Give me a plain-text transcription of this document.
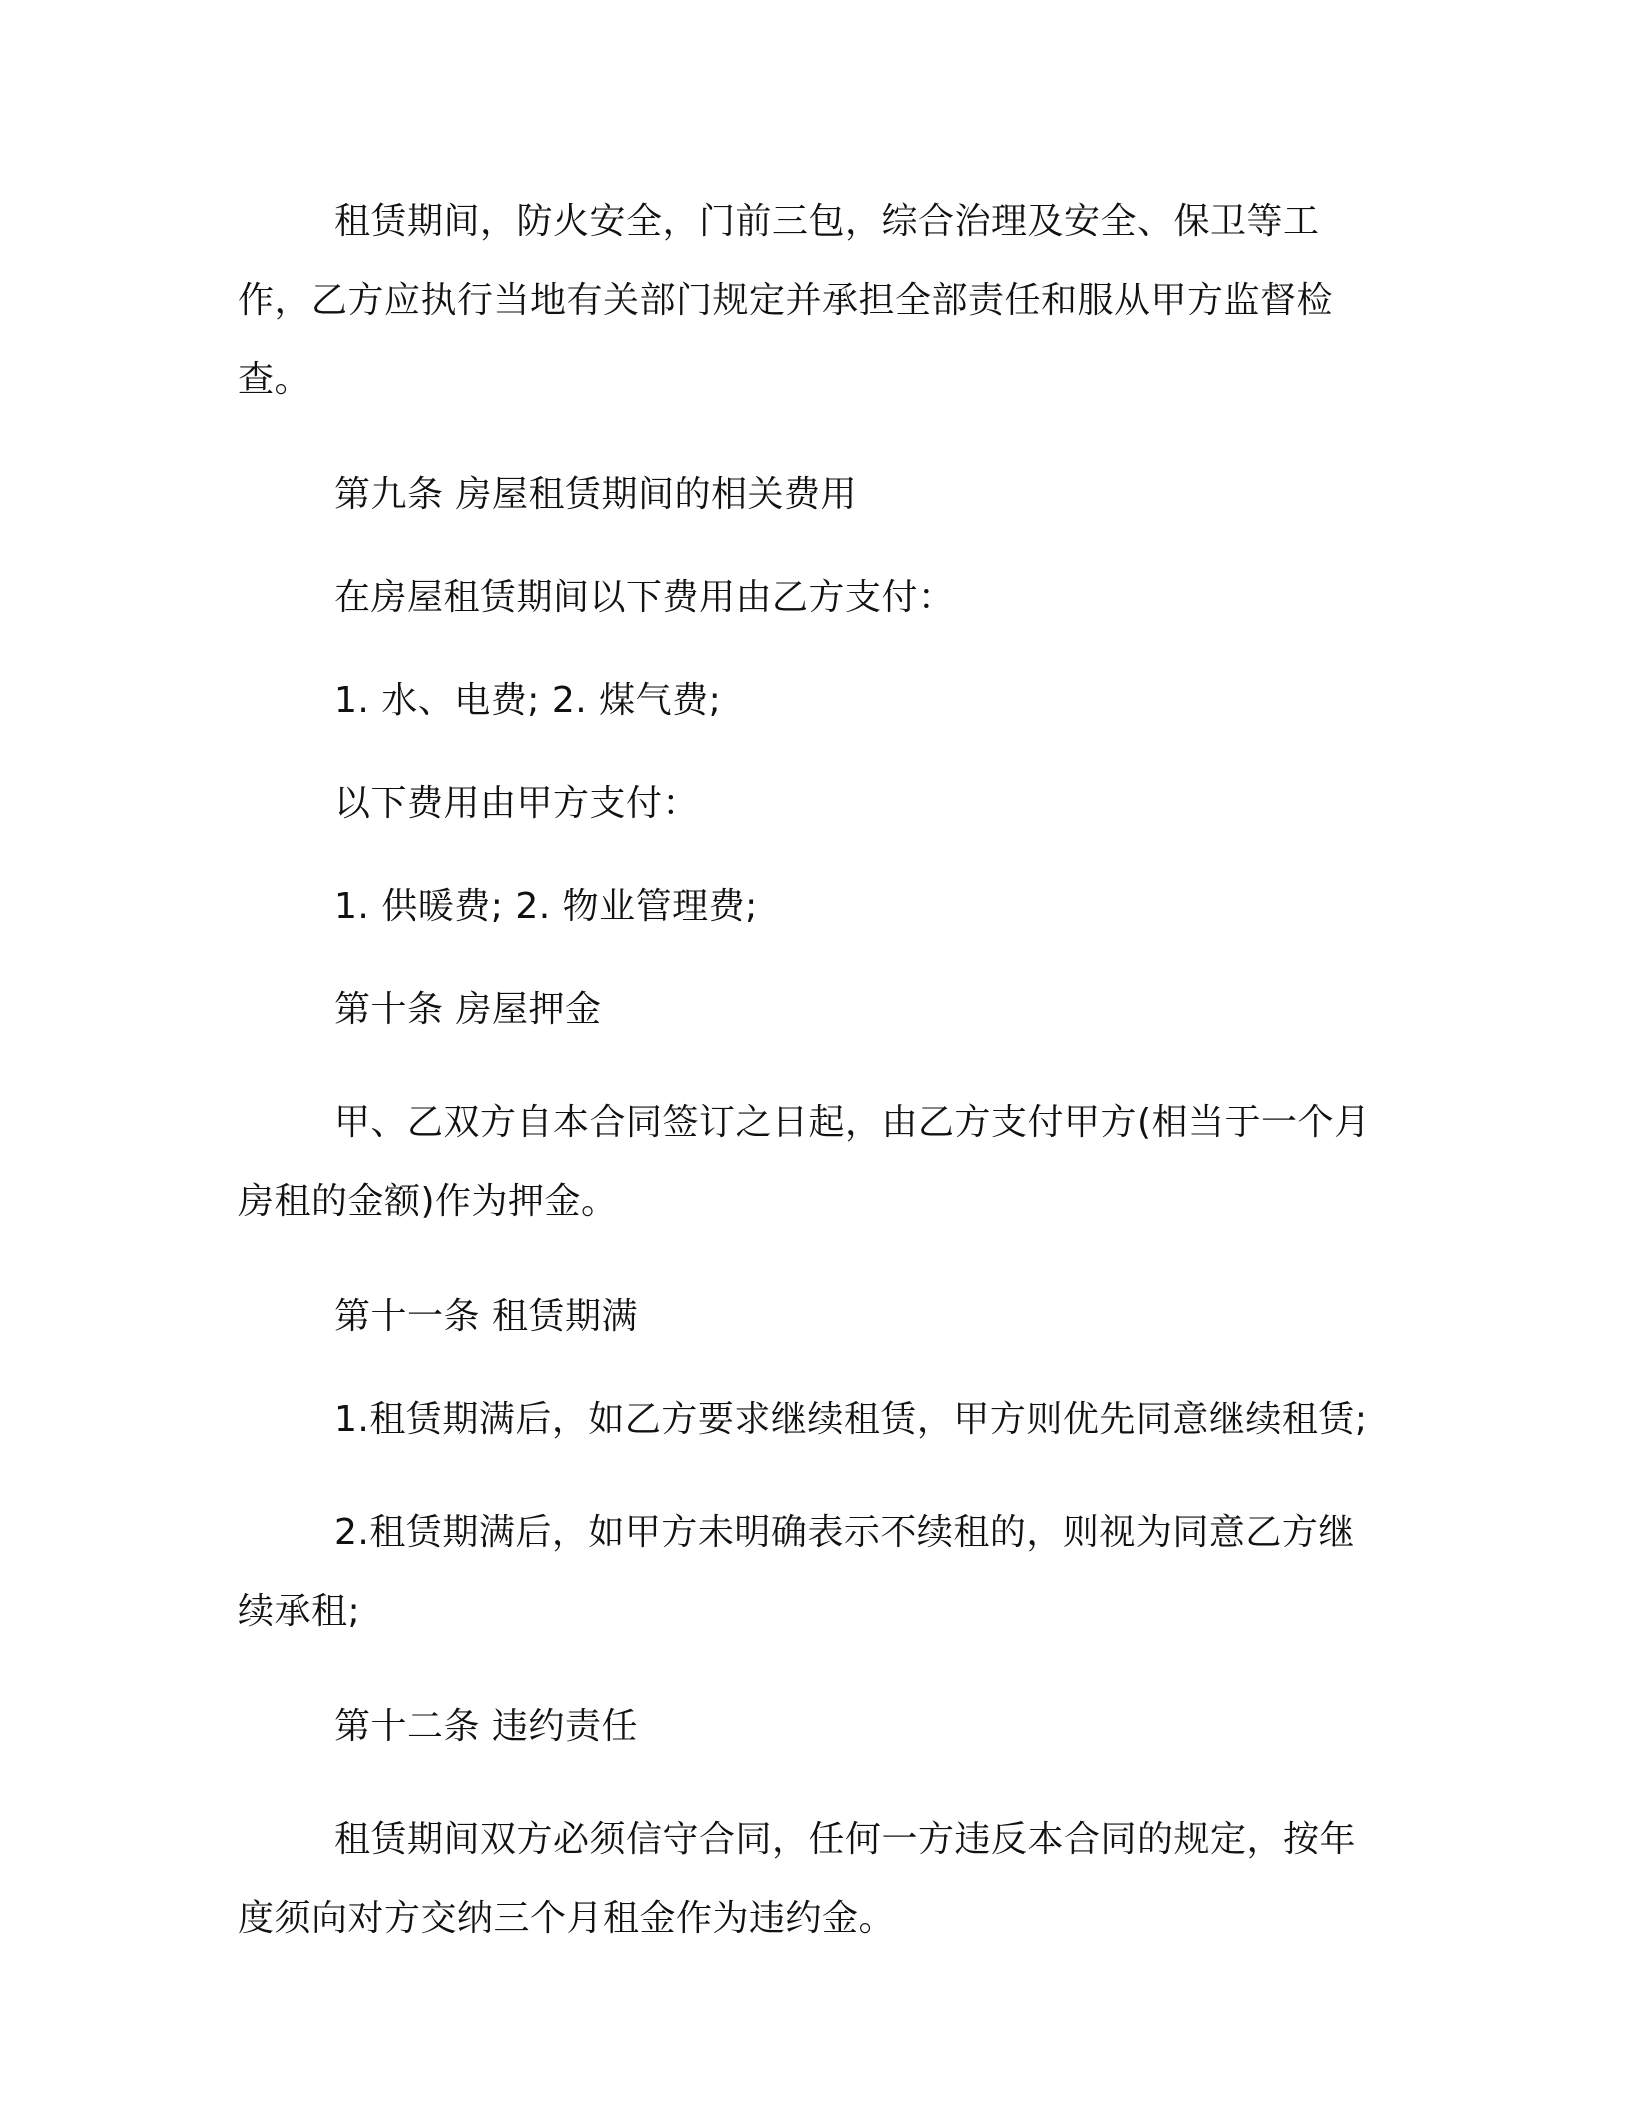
租赁期间，防火安全，门前三包，综合治理及安全、保卫等工作，乙方应执行当地有关部门规定并承担全部责任和服从甲方监督检查。

第九条 房屋租赁期间的相关费用

在房屋租赁期间以下费用由乙方支付：

1. 水、电费; 2. 煤气费;

以下费用由甲方支付：

1. 供暖费; 2. 物业管理费;

第十条 房屋押金

甲、乙双方自本合同签订之日起，由乙方支付甲方(相当于一个月房租的金额)作为押金。

第十一条 租赁期满

1.租赁期满后，如乙方要求继续租赁，甲方则优先同意继续租赁;

2.租赁期满后，如甲方未明确表示不续租的，则视为同意乙方继续承租;

第十二条 违约责任

租赁期间双方必须信守合同，任何一方违反本合同的规定，按年度须向对方交纳三个月租金作为违约金。
